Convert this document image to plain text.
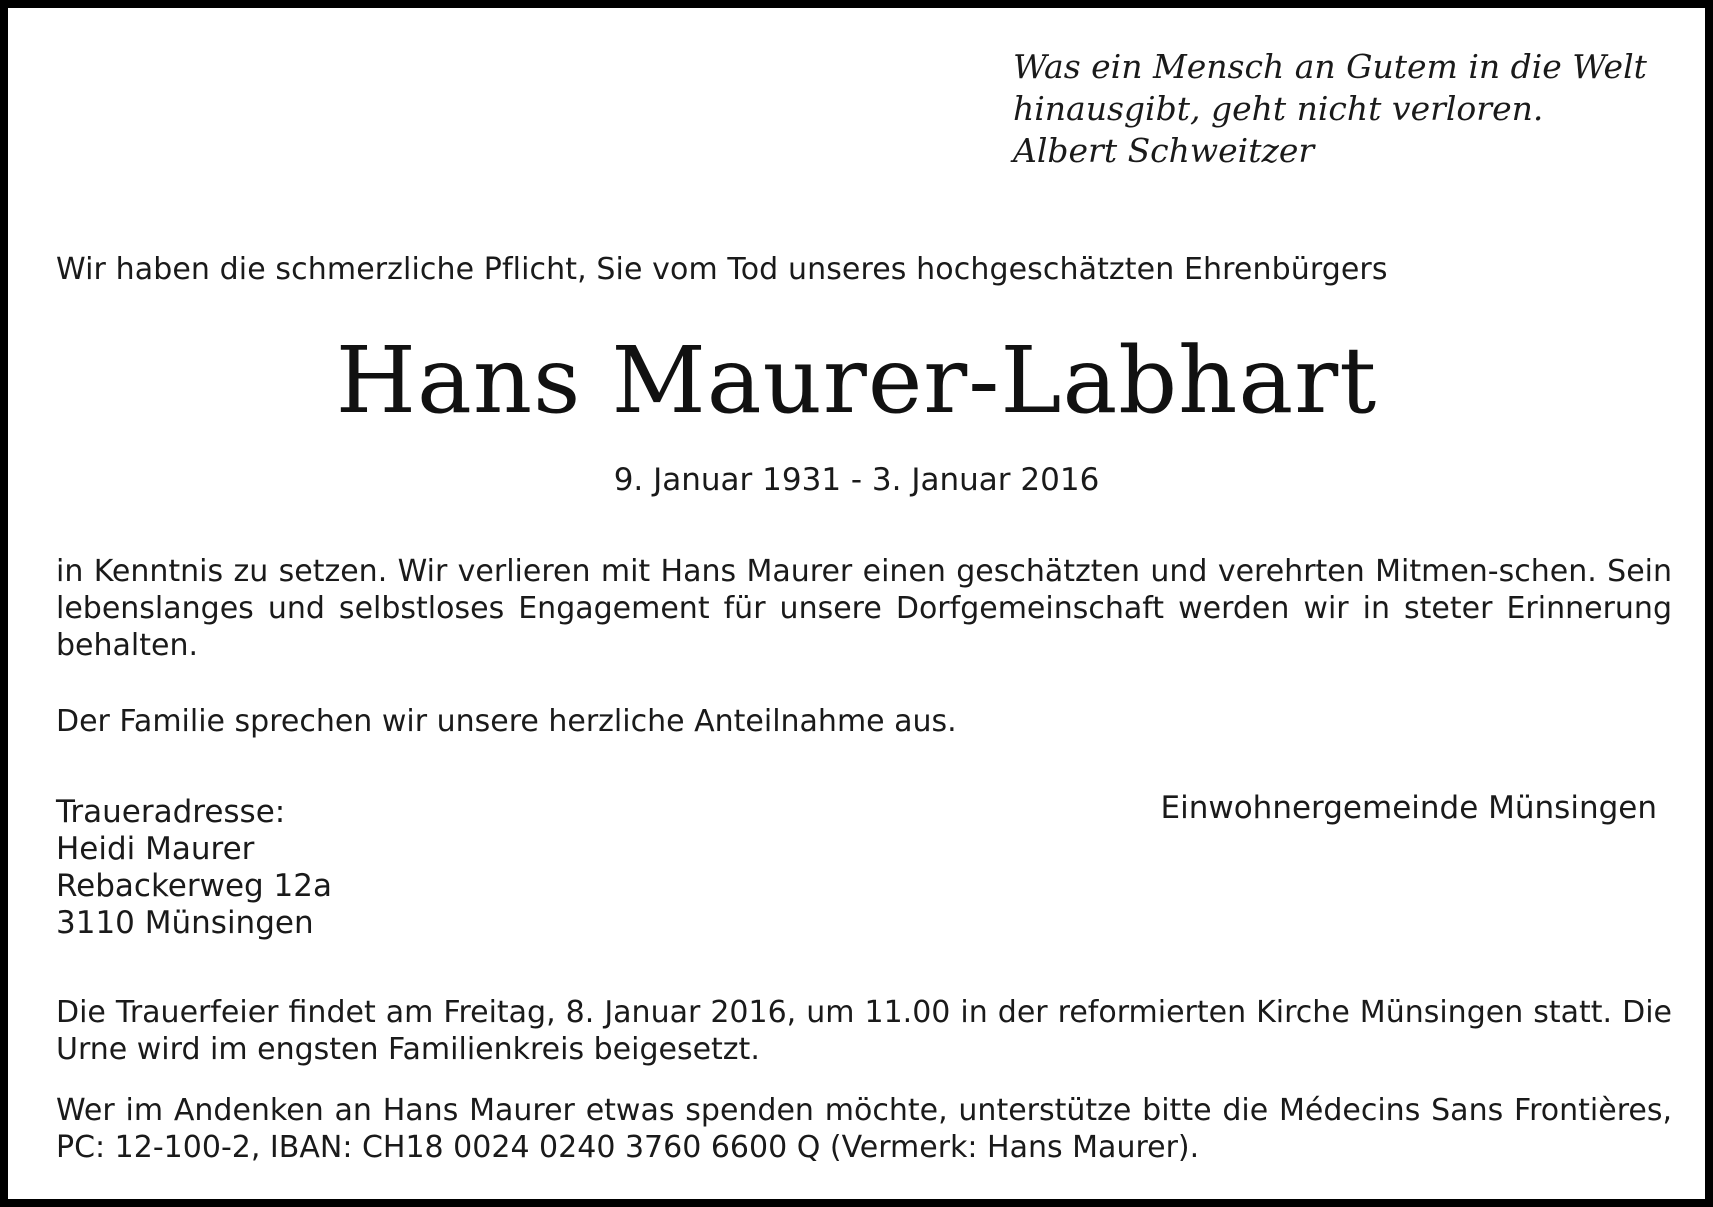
Was ein Mensch an Gutem in die Welt
hinausgibt, geht nicht verloren.
Albert Schweitzer
Wir haben die schmerzliche Pflicht, Sie vom Tod unseres hochgeschätzten Ehrenbürgers
Hans Maurer-Labhart
9. Januar 1931 - 3. Januar 2016
in Kenntnis zu setzen. Wir verlieren mit Hans Maurer einen geschätzten und verehrten Mitmen-schen. Sein lebenslanges und selbstloses Engagement für unsere Dorfgemeinschaft werden wir in steter Erinnerung behalten.
Der Familie sprechen wir unsere herzliche Anteilnahme aus.
Traueradresse:
Heidi Maurer
Rebackerweg 12a
3110 Münsingen
Einwohnergemeinde Münsingen
Die Trauerfeier findet am Freitag, 8. Januar 2016, um 11.00 in der reformierten Kirche Münsingen statt. Die Urne wird im engsten Familienkreis beigesetzt.
Wer im Andenken an Hans Maurer etwas spenden möchte, unterstütze bitte die Médecins Sans Frontières, PC: 12-100-2, IBAN: CH18 0024 0240 3760 6600 Q (Vermerk: Hans Maurer).
